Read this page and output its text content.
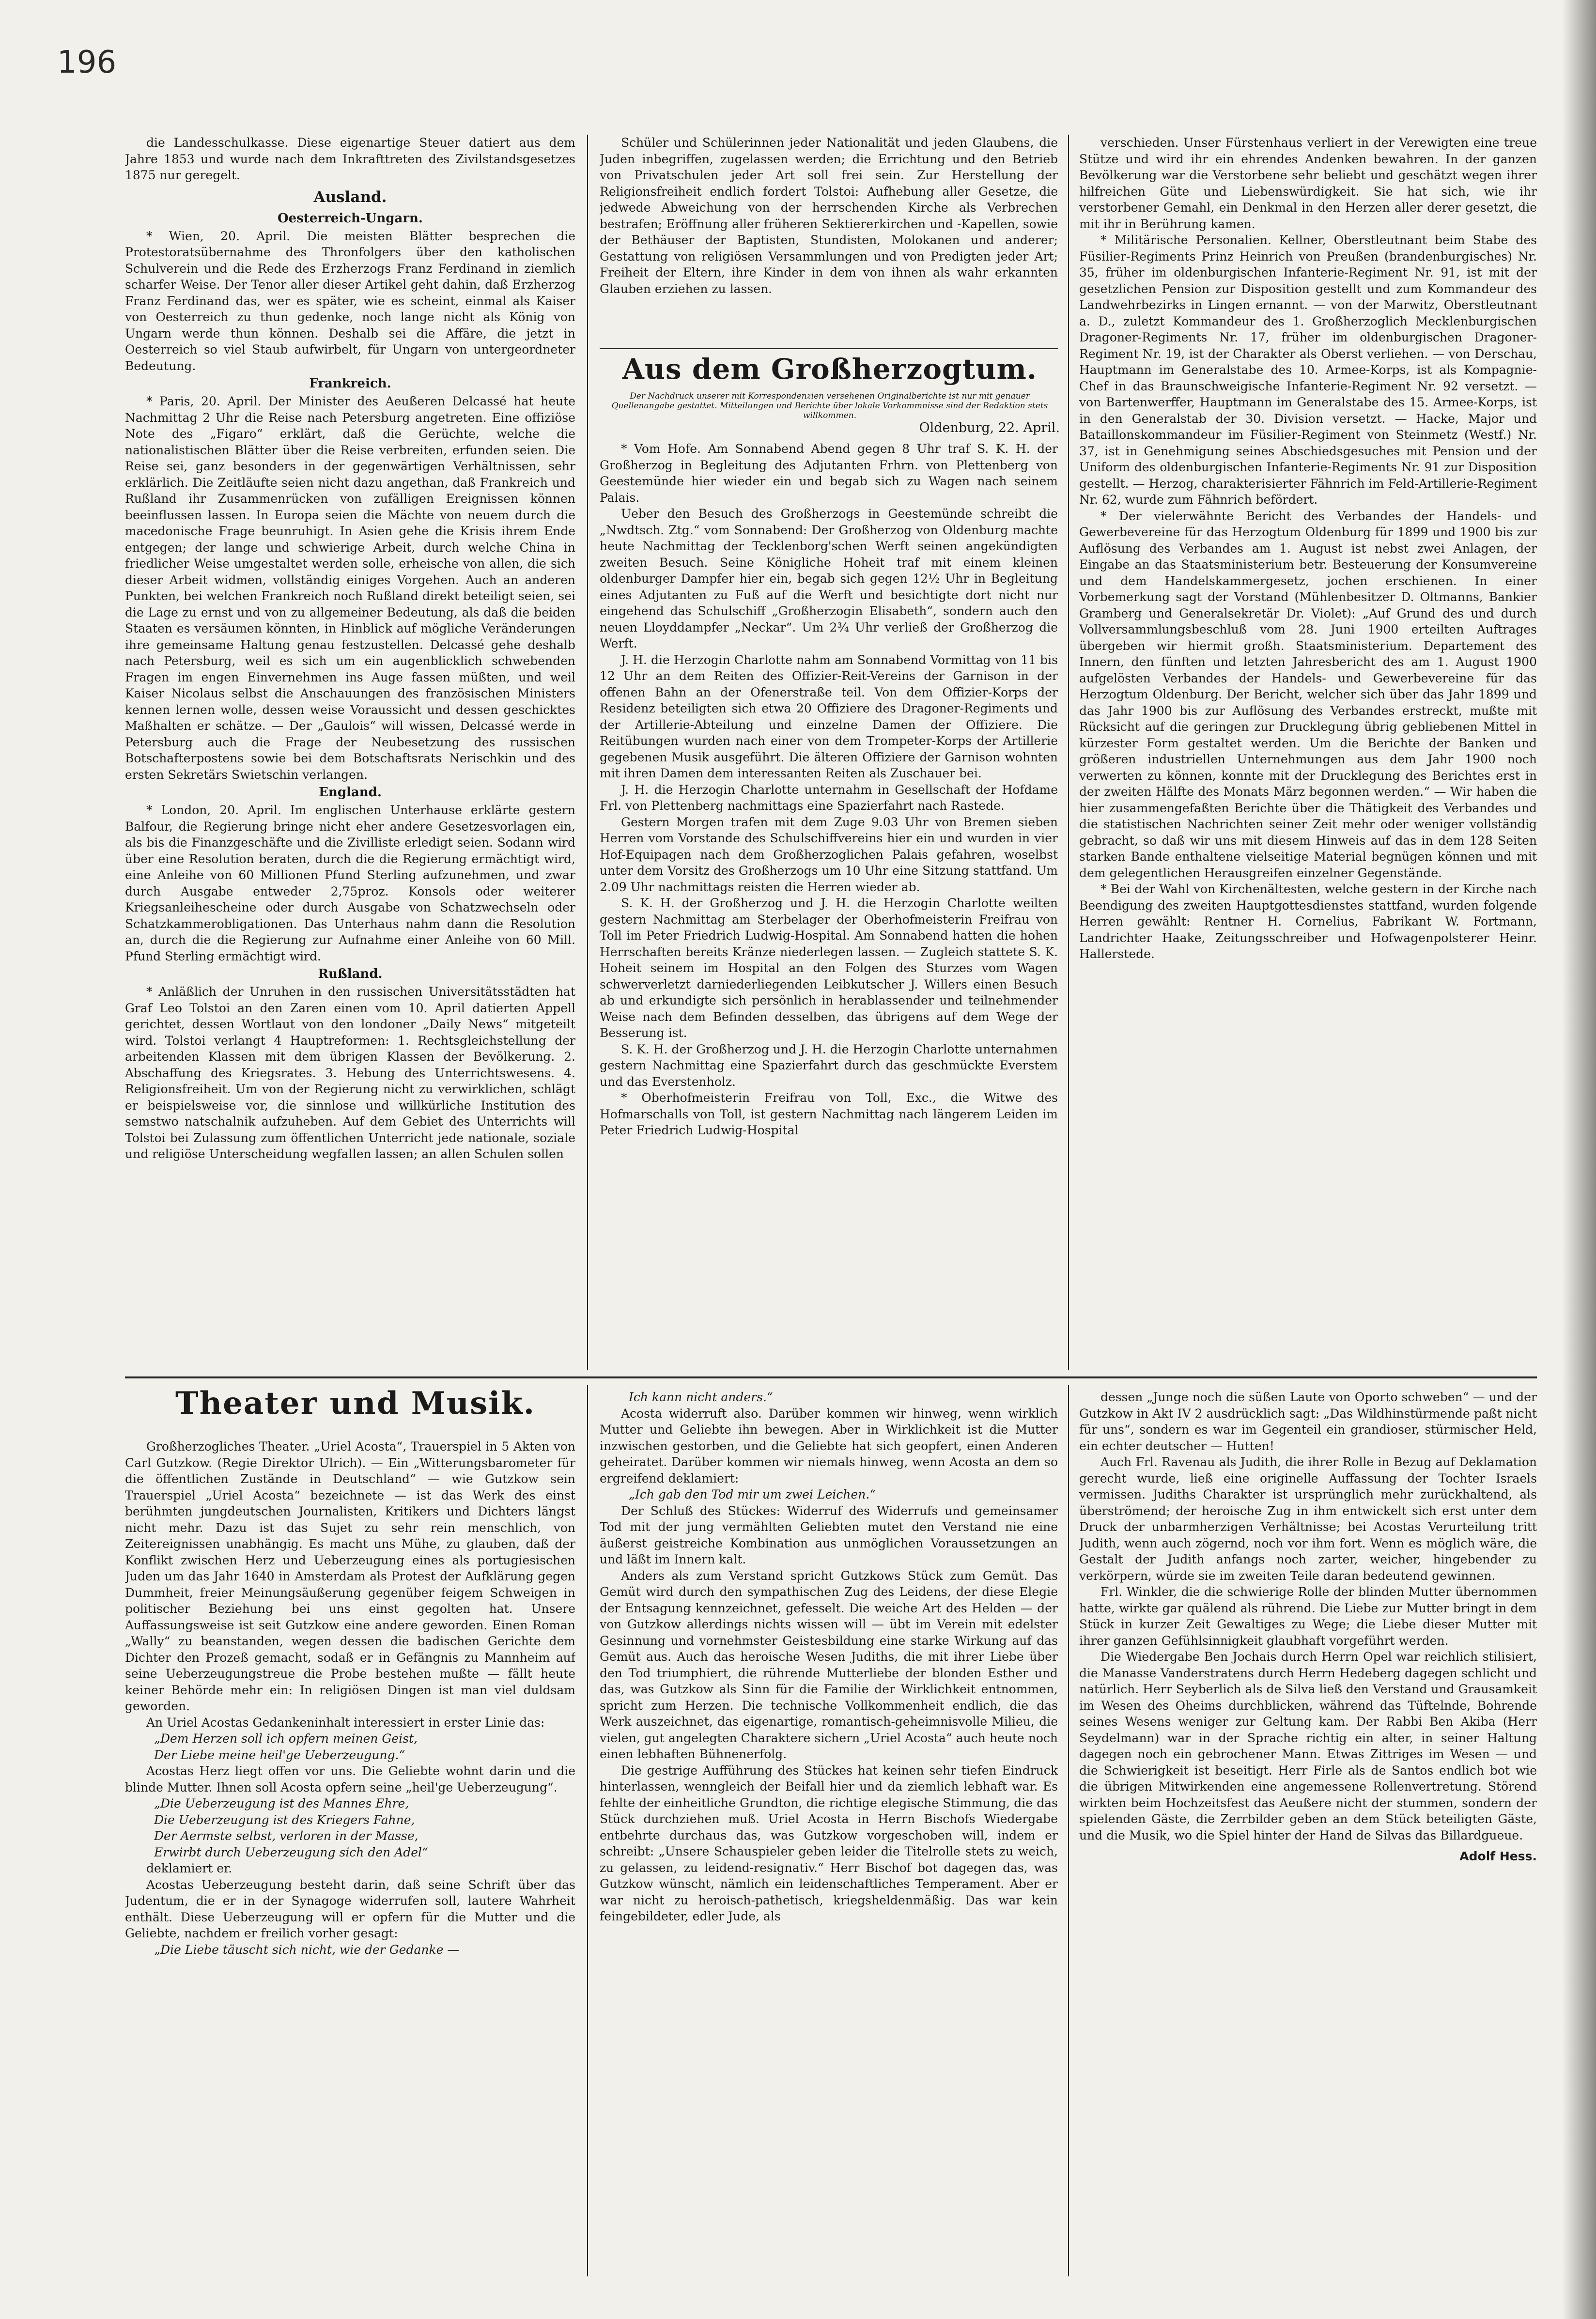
196

die Landesschulkasse. Diese eigenartige Steuer datiert aus dem Jahre 1853 und wurde nach dem Inkrafttreten des Zivilstandsgesetzes 1875 nur geregelt.

Ausland.

Oesterreich-Ungarn.

* Wien, 20. April. Die meisten Blätter besprechen die Protestoratsübernahme des Thronfolgers über den katholischen Schulverein und die Rede des Erzherzogs Franz Ferdinand in ziemlich scharfer Weise. Der Tenor aller dieser Artikel geht dahin, daß Erzherzog Franz Ferdinand das, wer es später, wie es scheint, einmal als Kaiser von Oesterreich zu thun gedenke, noch lange nicht als König von Ungarn werde thun können. Deshalb sei die Affäre, die jetzt in Oesterreich so viel Staub aufwirbelt, für Ungarn von untergeordneter Bedeutung.

Frankreich.

* Paris, 20. April. Der Minister des Aeußeren Delcassé hat heute Nachmittag 2 Uhr die Reise nach Petersburg angetreten. Eine offiziöse Note des „Figaro“ erklärt, daß die Gerüchte, welche die nationalistischen Blätter über die Reise verbreiten, erfunden seien. Die Reise sei, ganz besonders in der gegenwärtigen Verhältnissen, sehr erklärlich. Die Zeitläufte seien nicht dazu angethan, daß Frankreich und Rußland ihr Zusammenrücken von zufälligen Ereignissen können beeinflussen lassen. In Europa seien die Mächte von neuem durch die macedonische Frage beunruhigt. In Asien gehe die Krisis ihrem Ende entgegen; der lange und schwierige Arbeit, durch welche China in friedlicher Weise umgestaltet werden solle, erheische von allen, die sich dieser Arbeit widmen, vollständig einiges Vorgehen. Auch an anderen Punkten, bei welchen Frankreich noch Rußland direkt beteiligt seien, sei die Lage zu ernst und von zu allgemeiner Bedeutung, als daß die beiden Staaten es versäumen könnten, in Hinblick auf mögliche Veränderungen ihre gemeinsame Haltung genau festzustellen. Delcassé gehe deshalb nach Petersburg, weil es sich um ein augenblicklich schwebenden Fragen im engen Einvernehmen ins Auge fassen müßten, und weil Kaiser Nicolaus selbst die Anschauungen des französischen Ministers kennen lernen wolle, dessen weise Voraussicht und dessen geschicktes Maßhalten er schätze. — Der „Gaulois“ will wissen, Delcassé werde in Petersburg auch die Frage der Neubesetzung des russischen Botschafterpostens sowie bei dem Botschaftsrats Nerischkin und des ersten Sekretärs Swietschin verlangen.

England.

* London, 20. April. Im englischen Unterhause erklärte gestern Balfour, die Regierung bringe nicht eher andere Gesetzesvorlagen ein, als bis die Finanzgeschäfte und die Zivilliste erledigt seien. Sodann wird über eine Resolution beraten, durch die die Regierung ermächtigt wird, eine Anleihe von 60 Millionen Pfund Sterling aufzunehmen, und zwar durch Ausgabe entweder 2,75proz. Konsols oder weiterer Kriegsanleihescheine oder durch Ausgabe von Schatzwechseln oder Schatzkammerobligationen. Das Unterhaus nahm dann die Resolution an, durch die die Regierung zur Aufnahme einer Anleihe von 60 Mill. Pfund Sterling ermächtigt wird.

Rußland.

* Anläßlich der Unruhen in den russischen Universitätsstädten hat Graf Leo Tolstoi an den Zaren einen vom 10. April datierten Appell gerichtet, dessen Wortlaut von den londoner „Daily News“ mitgeteilt wird. Tolstoi verlangt 4 Hauptreformen: 1. Rechtsgleichstellung der arbeitenden Klassen mit dem übrigen Klassen der Bevölkerung. 2. Abschaffung des Kriegsrates. 3. Hebung des Unterrichtswesens. 4. Religionsfreiheit. Um von der Regierung nicht zu verwirklichen, schlägt er beispielsweise vor, die sinnlose und willkürliche Institution des semstwo natschalnik aufzuheben. Auf dem Gebiet des Unterrichts will Tolstoi bei Zulassung zum öffentlichen Unterricht jede nationale, soziale und religiöse Unterscheidung wegfallen lassen; an allen Schulen sollen

Schüler und Schülerinnen jeder Nationalität und jeden Glaubens, die Juden inbegriffen, zugelassen werden; die Errichtung und den Betrieb von Privatschulen jeder Art soll frei sein. Zur Herstellung der Religionsfreiheit endlich fordert Tolstoi: Aufhebung aller Gesetze, die jedwede Abweichung von der herrschenden Kirche als Verbrechen bestrafen; Eröffnung aller früheren Sektiererkirchen und -Kapellen, sowie der Bethäuser der Baptisten, Stundisten, Molokanen und anderer; Gestattung von religiösen Versammlungen und von Predigten jeder Art; Freiheit der Eltern, ihre Kinder in dem von ihnen als wahr erkannten Glauben erziehen zu lassen.

Aus dem Großherzogtum.
Der Nachdruck unserer mit Korrespondenzien versehenen Originalberichte ist nur mit genauer Quellenangabe gestattet. Mitteilungen und Berichte über lokale Vorkommnisse sind der Redaktion stets willkommen.
Oldenburg, 22. April.

* Vom Hofe. Am Sonnabend Abend gegen 8 Uhr traf S. K. H. der Großherzog in Begleitung des Adjutanten Frhrn. von Plettenberg von Geestemünde hier wieder ein und begab sich zu Wagen nach seinem Palais.

Ueber den Besuch des Großherzogs in Geestemünde schreibt die „Nwdtsch. Ztg.“ vom Sonnabend: Der Großherzog von Oldenburg machte heute Nachmittag der Tecklenborg'schen Werft seinen angekündigten zweiten Besuch. Seine Königliche Hoheit traf mit einem kleinen oldenburger Dampfer hier ein, begab sich gegen 12½ Uhr in Begleitung eines Adjutanten zu Fuß auf die Werft und besichtigte dort nicht nur eingehend das Schulschiff „Großherzogin Elisabeth“, sondern auch den neuen Lloyddampfer „Neckar“. Um 2¾ Uhr verließ der Großherzog die Werft.

J. H. die Herzogin Charlotte nahm am Sonnabend Vormittag von 11 bis 12 Uhr an dem Reiten des Offizier-Reit-Vereins der Garnison in der offenen Bahn an der Ofenerstraße teil. Von dem Offizier-Korps der Residenz beteiligten sich etwa 20 Offiziere des Dragoner-Regiments und der Artillerie-Abteilung und einzelne Damen der Offiziere. Die Reitübungen wurden nach einer von dem Trompeter-Korps der Artillerie gegebenen Musik ausgeführt. Die älteren Offiziere der Garnison wohnten mit ihren Damen dem interessanten Reiten als Zuschauer bei.

J. H. die Herzogin Charlotte unternahm in Gesellschaft der Hofdame Frl. von Plettenberg nachmittags eine Spazierfahrt nach Rastede.

Gestern Morgen trafen mit dem Zuge 9.03 Uhr von Bremen sieben Herren vom Vorstande des Schulschiffvereins hier ein und wurden in vier Hof-Equipagen nach dem Großherzoglichen Palais gefahren, woselbst unter dem Vorsitz des Großherzogs um 10 Uhr eine Sitzung stattfand. Um 2.09 Uhr nachmittags reisten die Herren wieder ab.

S. K. H. der Großherzog und J. H. die Herzogin Charlotte weilten gestern Nachmittag am Sterbelager der Oberhofmeisterin Freifrau von Toll im Peter Friedrich Ludwig-Hospital. Am Sonnabend hatten die hohen Herrschaften bereits Kränze niederlegen lassen. — Zugleich stattete S. K. Hoheit seinem im Hospital an den Folgen des Sturzes vom Wagen schwerverletzt darniederliegenden Leibkutscher J. Willers einen Besuch ab und erkundigte sich persönlich in herablassender und teilnehmender Weise nach dem Befinden desselben, das übrigens auf dem Wege der Besserung ist.

S. K. H. der Großherzog und J. H. die Herzogin Charlotte unternahmen gestern Nachmittag eine Spazierfahrt durch das geschmückte Everstem und das Everstenholz.

* Oberhofmeisterin Freifrau von Toll, Exc., die Witwe des Hofmarschalls von Toll, ist gestern Nachmittag nach längerem Leiden im Peter Friedrich Ludwig-Hospital

verschieden. Unser Fürstenhaus verliert in der Verewigten eine treue Stütze und wird ihr ein ehrendes Andenken bewahren. In der ganzen Bevölkerung war die Verstorbene sehr beliebt und geschätzt wegen ihrer hilfreichen Güte und Liebenswürdigkeit. Sie hat sich, wie ihr verstorbener Gemahl, ein Denkmal in den Herzen aller derer gesetzt, die mit ihr in Berührung kamen.

* Militärische Personalien. Kellner, Oberstleutnant beim Stabe des Füsilier-Regiments Prinz Heinrich von Preußen (brandenburgisches) Nr. 35, früher im oldenburgischen Infanterie-Regiment Nr. 91, ist mit der gesetzlichen Pension zur Disposition gestellt und zum Kommandeur des Landwehrbezirks in Lingen ernannt. — von der Marwitz, Oberstleutnant a. D., zuletzt Kommandeur des 1. Großherzoglich Mecklenburgischen Dragoner-Regiments Nr. 17, früher im oldenburgischen Dragoner-Regiment Nr. 19, ist der Charakter als Oberst verliehen. — von Derschau, Hauptmann im Generalstabe des 10. Armee-Korps, ist als Kompagnie-Chef in das Braunschweigische Infanterie-Regiment Nr. 92 versetzt. — von Bartenwerffer, Hauptmann im Generalstabe des 15. Armee-Korps, ist in den Generalstab der 30. Division versetzt. — Hacke, Major und Bataillonskommandeur im Füsilier-Regiment von Steinmetz (Westf.) Nr. 37, ist in Genehmigung seines Abschiedsgesuches mit Pension und der Uniform des oldenburgischen Infanterie-Regiments Nr. 91 zur Disposition gestellt. — Herzog, charakterisierter Fähnrich im Feld-Artillerie-Regiment Nr. 62, wurde zum Fähnrich befördert.

* Der vielerwähnte Bericht des Verbandes der Handels- und Gewerbevereine für das Herzogtum Oldenburg für 1899 und 1900 bis zur Auflösung des Verbandes am 1. August ist nebst zwei Anlagen, der Eingabe an das Staatsministerium betr. Besteuerung der Konsumvereine und dem Handelskammergesetz, jochen erschienen. In einer Vorbemerkung sagt der Vorstand (Mühlenbesitzer D. Oltmanns, Bankier Gramberg und Generalsekretär Dr. Violet): „Auf Grund des und durch Vollversammlungsbeschluß vom 28. Juni 1900 erteilten Auftrages übergeben wir hiermit großh. Staatsministerium. Departement des Innern, den fünften und letzten Jahresbericht des am 1. August 1900 aufgelösten Verbandes der Handels- und Gewerbevereine für das Herzogtum Oldenburg. Der Bericht, welcher sich über das Jahr 1899 und das Jahr 1900 bis zur Auflösung des Verbandes erstreckt, mußte mit Rücksicht auf die geringen zur Drucklegung übrig gebliebenen Mittel in kürzester Form gestaltet werden. Um die Berichte der Banken und größeren industriellen Unternehmungen aus dem Jahr 1900 noch verwerten zu können, konnte mit der Drucklegung des Berichtes erst in der zweiten Hälfte des Monats März begonnen werden.“ — Wir haben die hier zusammengefaßten Berichte über die Thätigkeit des Verbandes und die statistischen Nachrichten seiner Zeit mehr oder weniger vollständig gebracht, so daß wir uns mit diesem Hinweis auf das in dem 128 Seiten starken Bande enthaltene vielseitige Material begnügen können und mit dem gelegentlichen Herausgreifen einzelner Gegenstände.

* Bei der Wahl von Kirchenältesten, welche gestern in der Kirche nach Beendigung des zweiten Hauptgottesdienstes stattfand, wurden folgende Herren gewählt: Rentner H. Cornelius, Fabrikant W. Fortmann, Landrichter Haake, Zeitungsschreiber und Hofwagenpolsterer Heinr. Hallerstede.

Theater und Musik.

Großherzogliches Theater. „Uriel Acosta“, Trauerspiel in 5 Akten von Carl Gutzkow. (Regie Direktor Ulrich). — Ein „Witterungsbarometer für die öffentlichen Zustände in Deutschland“ — wie Gutzkow sein Trauerspiel „Uriel Acosta“ bezeichnete — ist das Werk des einst berühmten jungdeutschen Journalisten, Kritikers und Dichters längst nicht mehr. Dazu ist das Sujet zu sehr rein menschlich, von Zeitereignissen unabhängig. Es macht uns Mühe, zu glauben, daß der Konflikt zwischen Herz und Ueberzeugung eines als portugiesischen Juden um das Jahr 1640 in Amsterdam als Protest der Aufklärung gegen Dummheit, freier Meinungsäußerung gegenüber feigem Schweigen in politischer Beziehung bei uns einst gegolten hat. Unsere Auffassungsweise ist seit Gutzkow eine andere geworden. Einen Roman „Wally“ zu beanstanden, wegen dessen die badischen Gerichte dem Dichter den Prozeß gemacht, sodaß er in Gefängnis zu Mannheim auf seine Ueberzeugungstreue die Probe bestehen mußte — fällt heute keiner Behörde mehr ein: In religiösen Dingen ist man viel duldsam geworden.

An Uriel Acostas Gedankeninhalt interessiert in erster Linie das:

„Dem Herzen soll ich opfern meinen Geist,

Der Liebe meine heil'ge Ueberzeugung.“

Acostas Herz liegt offen vor uns. Die Geliebte wohnt darin und die blinde Mutter. Ihnen soll Acosta opfern seine „heil'ge Ueberzeugung“.

„Die Ueberzeugung ist des Mannes Ehre,

Die Ueberzeugung ist des Kriegers Fahne,

Der Aermste selbst, verloren in der Masse,

Erwirbt durch Ueberzeugung sich den Adel“

deklamiert er.

Acostas Ueberzeugung besteht darin, daß seine Schrift über das Judentum, die er in der Synagoge widerrufen soll, lautere Wahrheit enthält. Diese Ueberzeugung will er opfern für die Mutter und die Geliebte, nachdem er freilich vorher gesagt:

„Die Liebe täuscht sich nicht, wie der Gedanke —

Ich kann nicht anders.“

Acosta widerruft also. Darüber kommen wir hinweg, wenn wirklich Mutter und Geliebte ihn bewegen. Aber in Wirklichkeit ist die Mutter inzwischen gestorben, und die Geliebte hat sich geopfert, einen Anderen geheiratet. Darüber kommen wir niemals hinweg, wenn Acosta an dem so ergreifend deklamiert:

„Ich gab den Tod mir um zwei Leichen.“

Der Schluß des Stückes: Widerruf des Widerrufs und gemeinsamer Tod mit der jung vermählten Geliebten mutet den Verstand nie eine äußerst geistreiche Kombination aus unmöglichen Voraussetzungen an und läßt im Innern kalt.

Anders als zum Verstand spricht Gutzkows Stück zum Gemüt. Das Gemüt wird durch den sympathischen Zug des Leidens, der diese Elegie der Entsagung kennzeichnet, gefesselt. Die weiche Art des Helden — der von Gutzkow allerdings nichts wissen will — übt im Verein mit edelster Gesinnung und vornehmster Geistesbildung eine starke Wirkung auf das Gemüt aus. Auch das heroische Wesen Judiths, die mit ihrer Liebe über den Tod triumphiert, die rührende Mutterliebe der blonden Esther und das, was Gutzkow als Sinn für die Familie der Wirklichkeit entnommen, spricht zum Herzen. Die technische Vollkommenheit endlich, die das Werk auszeichnet, das eigenartige, romantisch-geheimnisvolle Milieu, die vielen, gut angelegten Charaktere sichern „Uriel Acosta“ auch heute noch einen lebhaften Bühnenerfolg.

Die gestrige Aufführung des Stückes hat keinen sehr tiefen Eindruck hinterlassen, wenngleich der Beifall hier und da ziemlich lebhaft war. Es fehlte der einheitliche Grundton, die richtige elegische Stimmung, die das Stück durchziehen muß. Uriel Acosta in Herrn Bischofs Wiedergabe entbehrte durchaus das, was Gutzkow vorgeschoben will, indem er schreibt: „Unsere Schauspieler geben leider die Titelrolle stets zu weich, zu gelassen, zu leidend-resignativ.“ Herr Bischof bot dagegen das, was Gutzkow wünscht, nämlich ein leidenschaftliches Temperament. Aber er war nicht zu heroisch-pathetisch, kriegsheldenmäßig. Das war kein feingebildeter, edler Jude, als

dessen „Junge noch die süßen Laute von Oporto schweben“ — und der Gutzkow in Akt IV 2 ausdrücklich sagt: „Das Wildhinstürmende paßt nicht für uns“, sondern es war im Gegenteil ein grandioser, stürmischer Held, ein echter deutscher — Hutten!

Auch Frl. Ravenau als Judith, die ihrer Rolle in Bezug auf Deklamation gerecht wurde, ließ eine originelle Auffassung der Tochter Israels vermissen. Judiths Charakter ist ursprünglich mehr zurückhaltend, als überströmend; der heroische Zug in ihm entwickelt sich erst unter dem Druck der unbarmherzigen Verhältnisse; bei Acostas Verurteilung tritt Judith, wenn auch zögernd, noch vor ihm fort. Wenn es möglich wäre, die Gestalt der Judith anfangs noch zarter, weicher, hingebender zu verkörpern, würde sie im zweiten Teile daran bedeutend gewinnen.

Frl. Winkler, die die schwierige Rolle der blinden Mutter übernommen hatte, wirkte gar quälend als rührend. Die Liebe zur Mutter bringt in dem Stück in kurzer Zeit Gewaltiges zu Wege; die Liebe dieser Mutter mit ihrer ganzen Gefühlsinnigkeit glaubhaft vorgeführt werden.

Die Wiedergabe Ben Jochais durch Herrn Opel war reichlich stilisiert, die Manasse Vanderstratens durch Herrn Hedeberg dagegen schlicht und natürlich. Herr Seyberlich als de Silva ließ den Verstand und Grausamkeit im Wesen des Oheims durchblicken, während das Tüftelnde, Bohrende seines Wesens weniger zur Geltung kam. Der Rabbi Ben Akiba (Herr Seydelmann) war in der Sprache richtig ein alter, in seiner Haltung dagegen noch ein gebrochener Mann. Etwas Zittriges im Wesen — und die Schwierigkeit ist beseitigt. Herr Firle als de Santos endlich bot wie die übrigen Mitwirkenden eine angemessene Rollenvertretung. Störend wirkten beim Hochzeitsfest das Aeußere nicht der stummen, sondern der spielenden Gäste, die Zerrbilder geben an dem Stück beteiligten Gäste, und die Musik, wo die Spiel hinter der Hand de Silvas das Billardgueue.

Adolf Hess.
